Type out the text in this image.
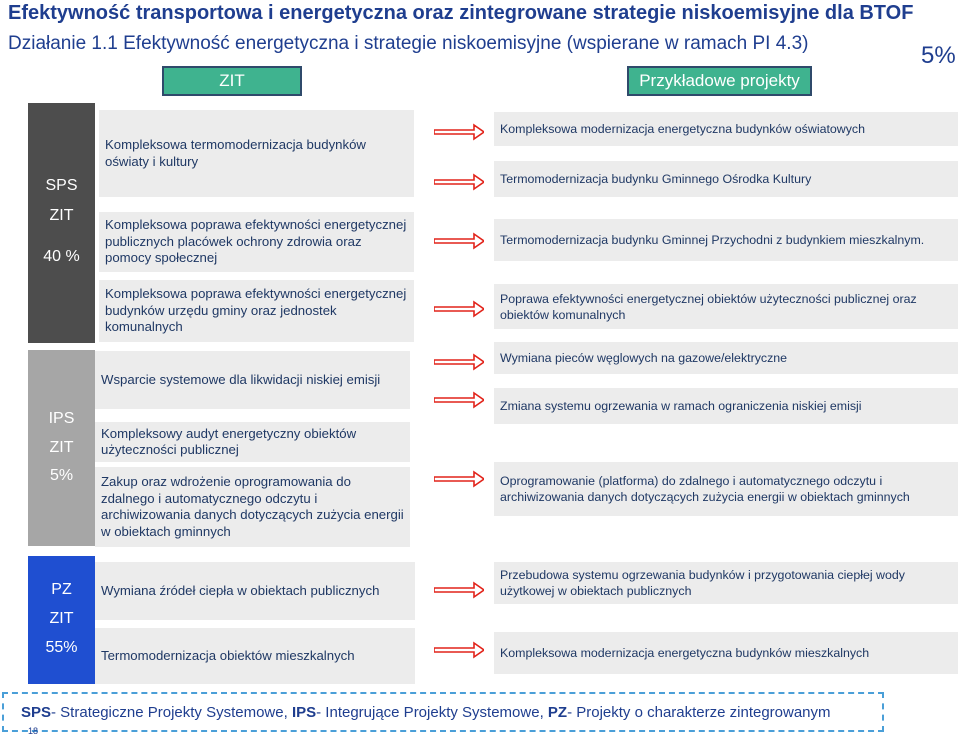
Efektywność transportowa i energetyczna oraz zintegrowane strategie niskoemisyjne dla BTOF
Działanie 1.1 Efektywność energetyczna i strategie niskoemisyjne (wspierane w ramach PI 4.3)	5%
ZIT	Przykładowe projekty
SPS
ZIT
40 %
IPS
ZIT
5%
PZ
ZIT
55%
Kompleksowa termomodernizacja budynków oświaty i kultury
Kompleksowa poprawa efektywności energetycznej publicznych placówek ochrony zdrowia oraz pomocy społecznej
Kompleksowa poprawa efektywności energetycznej budynków urzędu gminy oraz jednostek komunalnych
Wsparcie systemowe dla likwidacji niskiej emisji
Kompleksowy audyt energetyczny obiektów użyteczności publicznej
Zakup oraz wdrożenie oprogramowania do zdalnego i automatycznego odczytu i archiwizowania danych dotyczących zużycia energii w obiektach gminnych
Wymiana źródeł ciepła w obiektach publicznych
Termomodernizacja obiektów mieszkalnych
Kompleksowa modernizacja energetyczna budynków oświatowych
Termomodernizacja budynku Gminnego Ośrodka Kultury
Termomodernizacja budynku Gminnej Przychodni z budynkiem mieszkalnym.
Poprawa efektywności energetycznej obiektów użyteczności publicznej oraz obiektów komunalnych
Wymiana pieców węglowych na gazowe/elektryczne
Zmiana systemu ogrzewania w ramach ograniczenia niskiej emisji
Oprogramowanie (platforma) do zdalnego i automatycznego odczytu i archiwizowania danych dotyczących zużycia energii w obiektach gminnych
Przebudowa systemu ogrzewania budynków i przygotowania ciepłej wody użytkowej w obiektach publicznych
Kompleksowa modernizacja energetyczna budynków mieszkalnych
SPS - Strategiczne Projekty Systemowe , IPS - Integrujące Projekty Systemowe,
PZ - Projekty o charakterze zintegrowanym
18
